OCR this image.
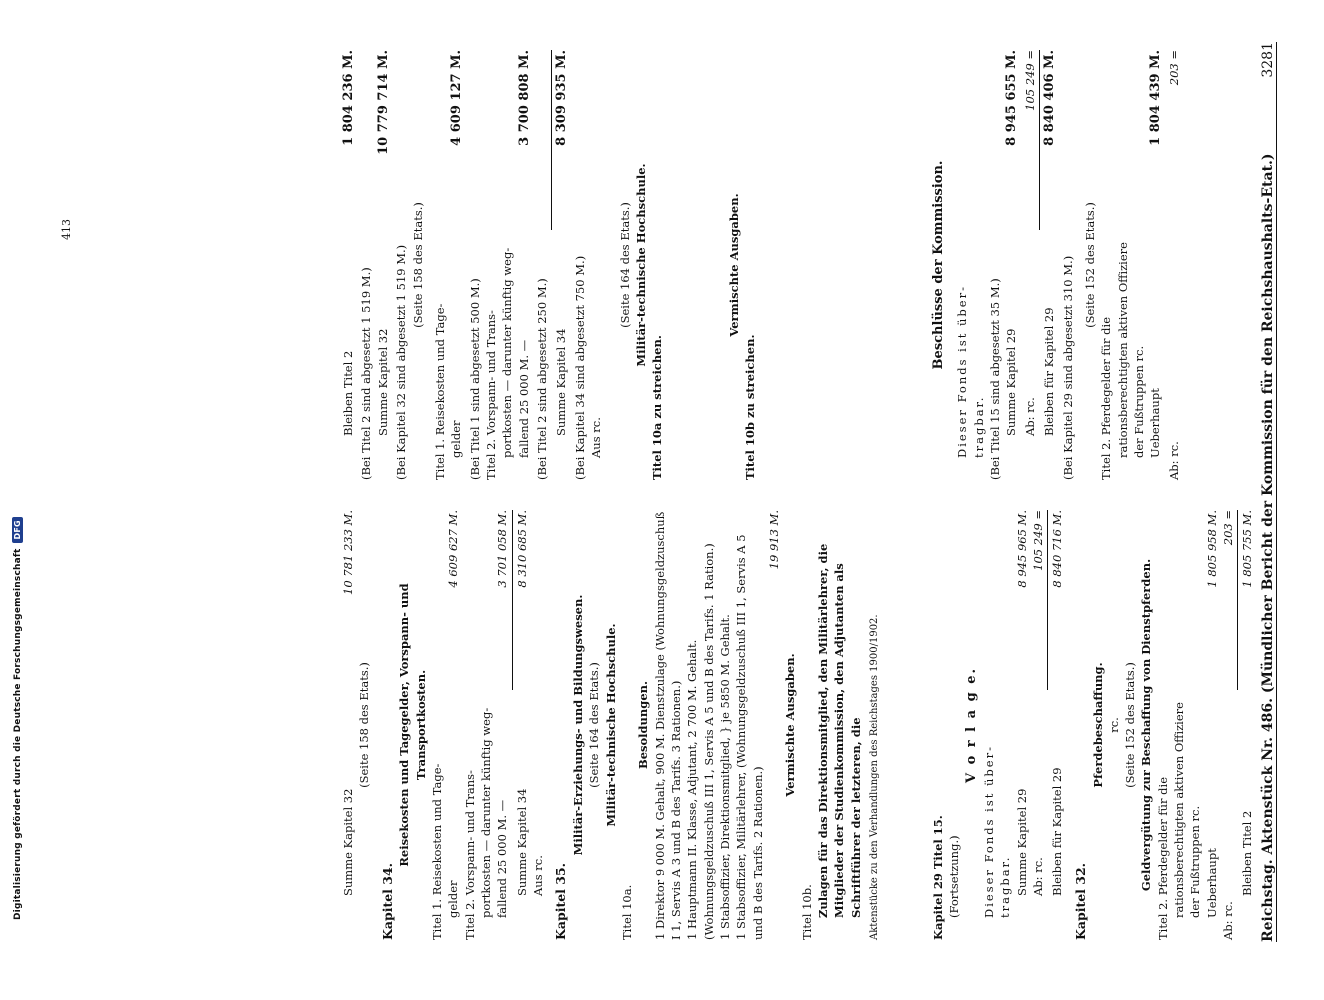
Digitalisierung gefördert durch die Deutsche ForschungsgemeinschaftDFG
413	Reichstag. Aktenstück Nr. 486. (Mündlicher Bericht der Kommission für den Reichshaushalts-Etat.)
3281
Kapitel 29 Titel 15. (Fortsetzung.)
V o r l a g e.
Dieser Fonds ist über- tragbar. Summe Kapitel 29
8 945 965 M.
Ab: rc.
105 249 =
Bleiben für Kapitel 29
8 840 716 M.
Kapitel 32.
Pferdebeschaffung. rc. (Seite 152 des Etats.) Geldvergütung zur Beschaffung von Dienstpferden. Titel 2. Pferdegelder für die rationsberechtigten aktiven Offiziere der Fußtruppen rc. Ueberhaupt
1 805 958 M.
Ab: rc.
203 =
Bleiben Titel 2
1 805 755 M.
Beschlüsse der Kommission.
Dieser Fonds ist über- tragbar. (Bei Titel 15 sind abgesetzt 35 M.) Summe Kapitel 29
8 945 655 M.
Ab: rc.
105 249 =
Bleiben für Kapitel 29
8 840 406 M.
(Bei Kapitel 29 sind abgesetzt 310 M.) (Seite 152 des Etats.)
Titel 2. Pferdegelder für die rationsberechtigten aktiven Offiziere der Fußtruppen rc. Ueberhaupt
1 804 439 M.
Ab: rc.
203 =
Summe Kapitel 32
10 781 233 M.
(Seite 158 des Etats.)
Kapitel 34.
Reisekosten und Tagegelder, Vorspann- und Transportkosten.
Titel 1. Reisekosten und Tage- gelder
4 609 627 M.
Titel 2. Vorspann- und Trans- portkosten — darunter künftig weg- fallend 25 000 M. —
3 701 058 M.
Summe Kapitel 34
8 310 685 M.
Aus rc. Kapitel 35.
Militär-Erziehungs- und Bildungswesen. (Seite 164 des Etats.) Militär-technische Hochschule.
Titel 10a.
Besoldungen. 1 Direktor 9 000 M. Gehalt, 900 M. Dienstzulage (Wohnungsgeldzuschuß I 1, Servis A 3 und B des Tarifs. 3 Rationen.) 1 Hauptmann II. Klasse, Adjutant, 2 700 M. Gehalt. (Wohnungsgeldzuschuß III 1, Servis A 5 und B des Tarifs. 1 Ration.) 1 Stabsoffizier, Direktionsmitglied, } je 5850 M. Gehalt. 1 Stabsoffizier, Militärlehrer, (Wohnungsgeldzuschuß III 1, Servis A 5 und B des Tarifs. 2 Rationen.)
19 913 M.
Vermischte Ausgaben.
Titel 10b. Zulagen für das Direktionsmitglied, den Militärlehrer, die Mitglieder der Studienkommission, den Adjutanten als Schriftführer der letzteren, die Aktenstücke zu den Verhandlungen des Reichstages 1900/1902.
Bleiben Titel 2
1 804 236 M.
(Bei Titel 2 sind abgesetzt 1 519 M.) Summe Kapitel 32
10 779 714 M.
(Bei Kapitel 32 sind abgesetzt 1 519 M.) (Seite 158 des Etats.)
Titel 1. Reisekosten und Tage- gelder
4 609 127 M.
(Bei Titel 1 sind abgesetzt 500 M.) Titel 2. Vorspann- und Trans- portkosten — darunter künftig weg- fallend 25 000 M. —
3 700 808 M.
(Bei Titel 2 sind abgesetzt 250 M.) Summe Kapitel 34
8 309 935 M.
(Bei Kapitel 34 sind abgesetzt 750 M.) Aus rc.
(Seite 164 des Etats.) Militär-technische Hochschule.
Titel 10a zu streichen.
Vermischte Ausgaben.
Titel 10b zu streichen.
